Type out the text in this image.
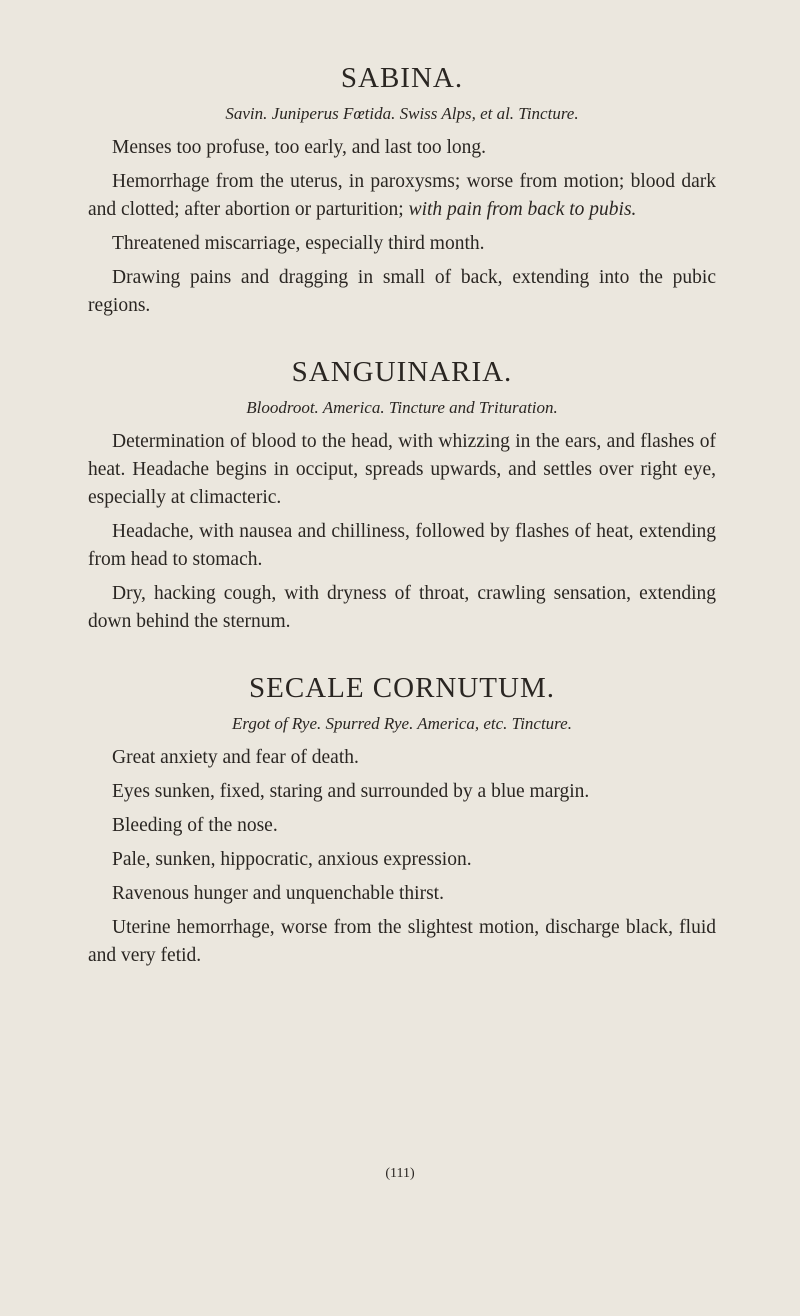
SABINA.
Savin. Juniperus Fœtida. Swiss Alps, et al. Tincture.

Menses too profuse, too early, and last too long.

Hemorrhage from the uterus, in paroxysms; worse from motion; blood dark and clotted; after abortion or parturition; with pain from back to pubis.

Threatened miscarriage, especially third month.

Drawing pains and dragging in small of back, extending into the pubic regions.

SANGUINARIA.
Bloodroot. America. Tincture and Trituration.

Determination of blood to the head, with whizzing in the ears, and flashes of heat. Headache begins in occiput, spreads upwards, and settles over right eye, especially at climacteric.

Headache, with nausea and chilliness, followed by flashes of heat, extending from head to stomach.

Dry, hacking cough, with dryness of throat, crawling sensation, extending down behind the sternum.

SECALE CORNUTUM.
Ergot of Rye. Spurred Rye. America, etc. Tincture.

Great anxiety and fear of death.

Eyes sunken, fixed, staring and surrounded by a blue margin.

Bleeding of the nose.

Pale, sunken, hippocratic, anxious expression.

Ravenous hunger and unquenchable thirst.

Uterine hemorrhage, worse from the slightest motion, discharge black, fluid and very fetid.

(111)
